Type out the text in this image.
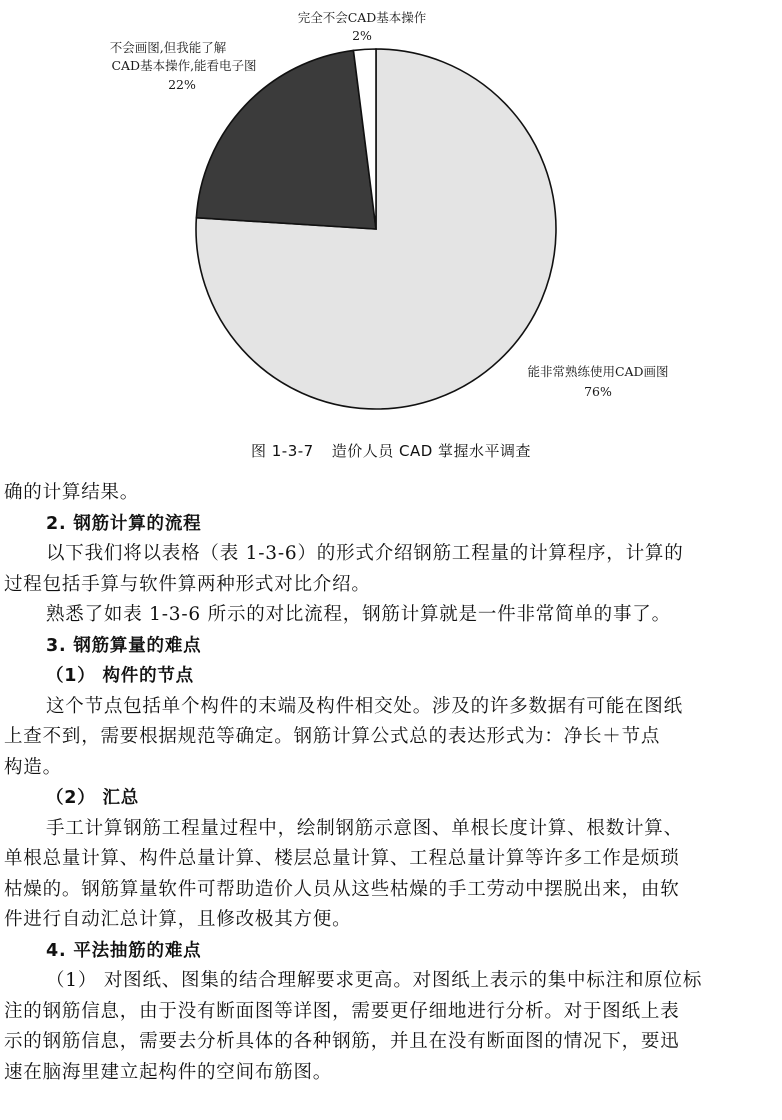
完全不会CAD基本操作
2%
不会画图,但我能了解
CAD基本操作,能看电子图
22%
能非常熟练使用CAD画图
76%
图 1-3-7 造价人员 CAD 掌握水平调查
确的计算结果。
2. 钢筋计算的流程
以下我们将以表格（表 1-3-6）的形式介绍钢筋工程量的计算程序，计算的
过程包括手算与软件算两种形式对比介绍。
熟悉了如表 1-3-6 所示的对比流程，钢筋计算就是一件非常简单的事了。
3. 钢筋算量的难点
（1） 构件的节点
这个节点包括单个构件的末端及构件相交处。涉及的许多数据有可能在图纸
上查不到，需要根据规范等确定。钢筋计算公式总的表达形式为：净长＋节点
构造。
（2） 汇总
手工计算钢筋工程量过程中，绘制钢筋示意图、单根长度计算、根数计算、
单根总量计算、构件总量计算、楼层总量计算、工程总量计算等许多工作是烦琐
枯燥的。钢筋算量软件可帮助造价人员从这些枯燥的手工劳动中摆脱出来，由软
件进行自动汇总计算，且修改极其方便。
4. 平法抽筋的难点
（1） 对图纸、图集的结合理解要求更高。对图纸上表示的集中标注和原位标
注的钢筋信息，由于没有断面图等详图，需要更仔细地进行分析。对于图纸上表
示的钢筋信息，需要去分析具体的各种钢筋，并且在没有断面图的情况下，要迅
速在脑海里建立起构件的空间布筋图。
